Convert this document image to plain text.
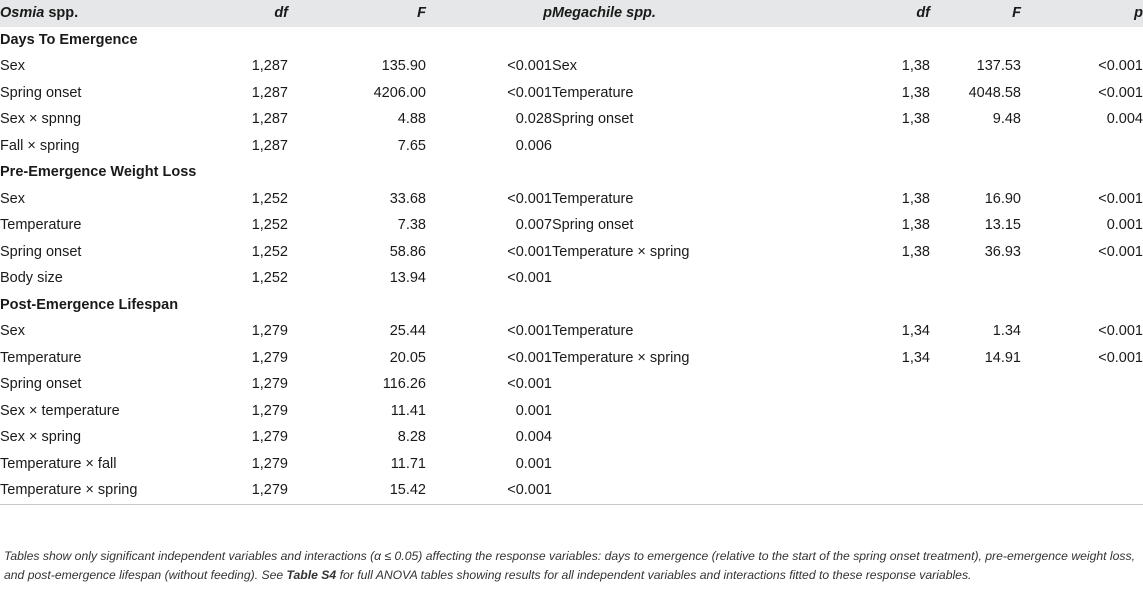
Osmia spp.	df	F	p	Megachile spp.	df	F	p
Days To Emergence							
Sex	1,287	135.90	<0.001	Sex	1,38	137.53	<0.001
Spring onset	1,287	4206.00	<0.001	Temperature	1,38	4048.58	<0.001
Sex × spnng	1,287	4.88	0.028	Spring onset	1,38	9.48	0.004
Fall × spring	1,287	7.65	0.006				
Pre-Emergence Weight Loss							
Sex	1,252	33.68	<0.001	Temperature	1,38	16.90	<0.001
Temperature	1,252	7.38	0.007	Spring onset	1,38	13.15	0.001
Spring onset	1,252	58.86	<0.001	Temperature × spring	1,38	36.93	<0.001
Body size	1,252	13.94	<0.001				
Post-Emergence Lifespan							
Sex	1,279	25.44	<0.001	Temperature	1,34	1.34	<0.001
Temperature	1,279	20.05	<0.001	Temperature × spring	1,34	14.91	<0.001
Spring onset	1,279	116.26	<0.001				
Sex × temperature	1,279	11.41	0.001				
Sex × spring	1,279	8.28	0.004				
Temperature × fall	1,279	11.71	0.001				
Temperature × spring	1,279	15.42	<0.001				
Tables show only significant independent variables and interactions (α ≤ 0.05) affecting the response variables: days to emergence (relative to the start of the spring onset treatment), pre-emergence weight loss, and post-emergence lifespan (without feeding). See Table S4 for full ANOVA tables showing results for all independent variables and interactions fitted to these response variables.
